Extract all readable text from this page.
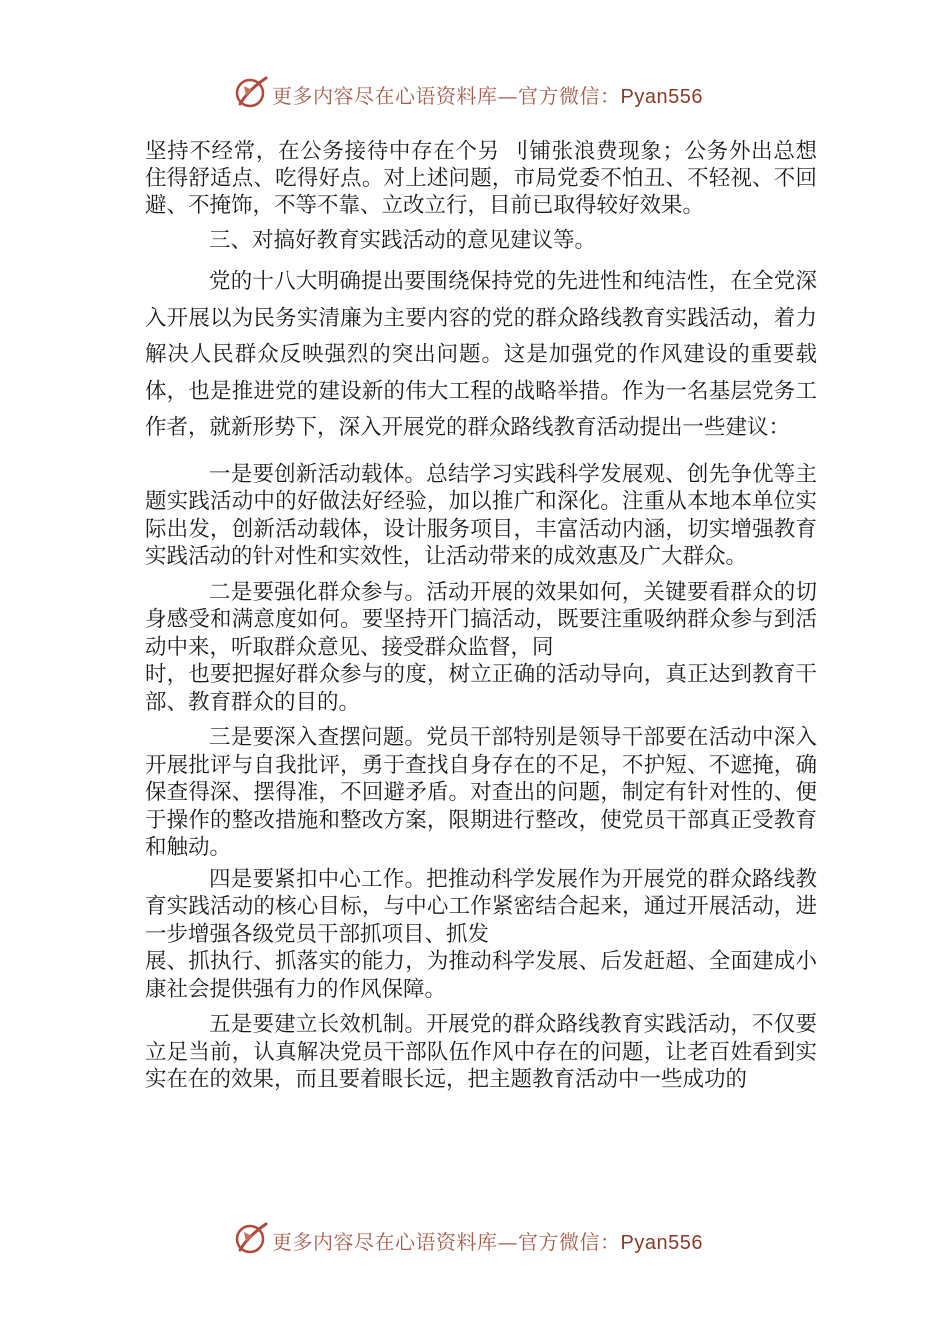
更多内容尽在心语资料库—官方微信：Pyan556

坚持不经常，在公务接待中存在个另 刂铺张浪费现象；公务外出总想住得舒适点、吃得好点。对上述问题，市局党委不怕丑、不轻视、不回避、不掩饰，不等不靠、立改立行，目前已取得较好效果。

三、对搞好教育实践活动的意见建议等。

党的十八大明确提出要围绕保持党的先进性和纯洁性，在全党深入开展以为民务实清廉为主要内容的党的群众路线教育实践活动，着力解决人民群众反映强烈的突出问题。这是加强党的作风建设的重要载体，也是推进党的建设新的伟大工程的战略举措。作为一名基层党务工作者，就新形势下，深入开展党的群众路线教育活动提出一些建议：

一是要创新活动载体。总结学习实践科学发展观、创先争优等主题实践活动中的好做法好经验，加以推广和深化。注重从本地本单位实际出发，创新活动载体，设计服务项目，丰富活动内涵，切实增强教育实践活动的针对性和实效性，让活动带来的成效惠及广大群众。

二是要强化群众参与。活动开展的效果如何，关键要看群众的切身感受和满意度如何。要坚持开门搞活动，既要注重吸纳群众参与到活动中来，听取群众意见、接受群众监督，同

时，也要把握好群众参与的度，树立正确的活动导向，真正达到教育干部、教育群众的目的。

三是要深入查摆问题。党员干部特别是领导干部要在活动中深入开展批评与自我批评，勇于查找自身存在的不足，不护短、不遮掩，确保查得深、摆得准，不回避矛盾。对查出的问题，制定有针对性的、便于操作的整改措施和整改方案，限期进行整改，使党员干部真正受教育和触动。

四是要紧扣中心工作。把推动科学发展作为开展党的群众路线教育实践活动的核心目标，与中心工作紧密结合起来，通过开展活动，进一步增强各级党员干部抓项目、抓发

展、抓执行、抓落实的能力，为推动科学发展、后发赶超、全面建成小康社会提供强有力的作风保障。

五是要建立长效机制。开展党的群众路线教育实践活动，不仅要立足当前，认真解决党员干部队伍作风中存在的问题，让老百姓看到实实在在的效果，而且要着眼长远，把主题教育活动中一些成功的

更多内容尽在心语资料库—官方微信：Pyan556
